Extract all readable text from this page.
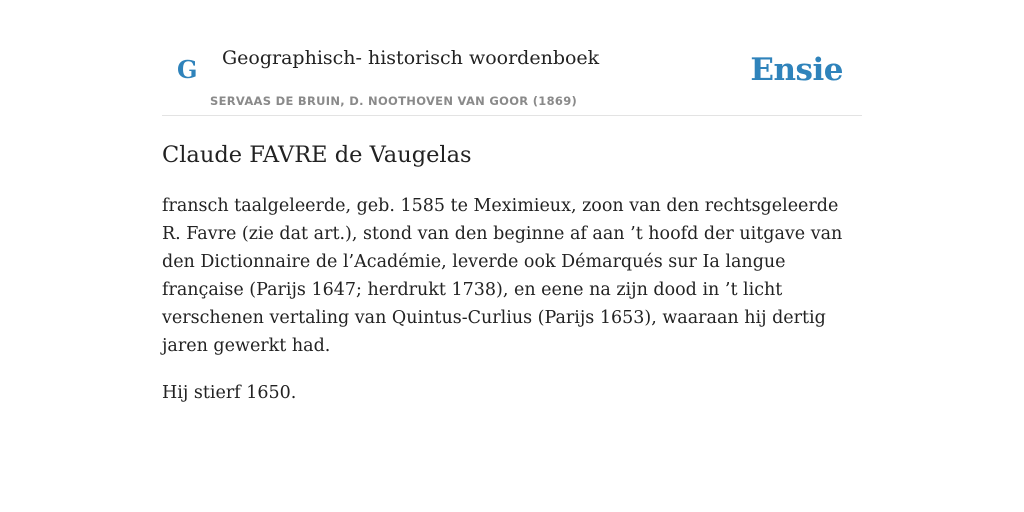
G Geographisch- historisch woordenboek
SERVAAS DE BRUIN, D. NOOTHOVEN VAN GOOR (1869)
Ensie
Claude FAVRE de Vaugelas

fransch taalgeleerde, geb. 1585 te Meximieux, zoon van den rechtsgeleerde R. Favre (zie dat art.), stond van den beginne af aan ’t hoofd der uitgave van den Dictionnaire de l’Académie, leverde ook Démarqués sur Ia langue française (Parijs 1647; herdrukt 1738), en eene na zijn dood in ’t licht verschenen vertaling van Quintus-Curlius (Parijs 1653), waaraan hij dertig jaren gewerkt had.

Hij stierf 1650.
